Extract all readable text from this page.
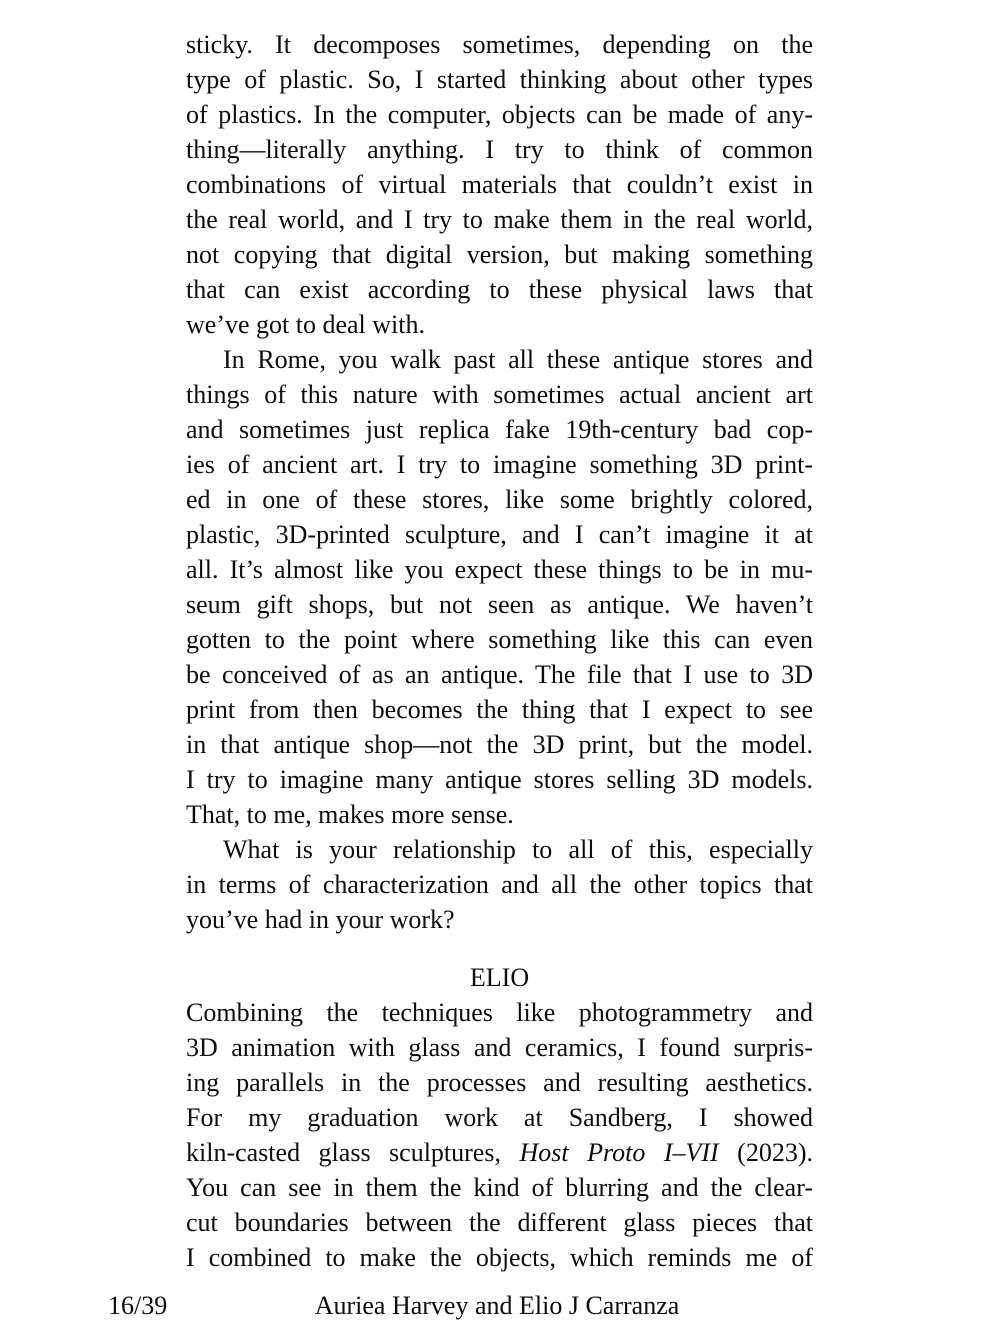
sticky. It decomposes sometimes, depending on the
type of plastic. So, I started thinking about other types
of plastics. In the computer, objects can be made of any-
thing—literally anything. I try to think of common
combinations of virtual materials that couldn’t exist in
the real world, and I try to make them in the real world,
not copying that digital version, but making something
that can exist according to these physical laws that
we’ve got to deal with.
In Rome, you walk past all these antique stores and
things of this nature with sometimes actual ancient art
and sometimes just replica fake 19th-century bad cop-
ies of ancient art. I try to imagine something 3D print-
ed in one of these stores, like some brightly colored,
plastic, 3D-printed sculpture, and I can’t imagine it at
all. It’s almost like you expect these things to be in mu-
seum gift shops, but not seen as antique. We haven’t
gotten to the point where something like this can even
be conceived of as an antique. The file that I use to 3D
print from then becomes the thing that I expect to see
in that antique shop—not the 3D print, but the model.
I try to imagine many antique stores selling 3D models.
That, to me, makes more sense.
What is your relationship to all of this, especially
in terms of characterization and all the other topics that
you’ve had in your work?
ELIO
Combining the techniques like photogrammetry and
3D animation with glass and ceramics, I found surpris-
ing parallels in the processes and resulting aesthetics.
For my graduation work at Sandberg, I showed
kiln-casted glass sculptures, Host Proto I–VII (2023).
You can see in them the kind of blurring and the clear-
cut boundaries between the different glass pieces that
I combined to make the objects, which reminds me of
16/39	Auriea Harvey and Elio J Carranza
